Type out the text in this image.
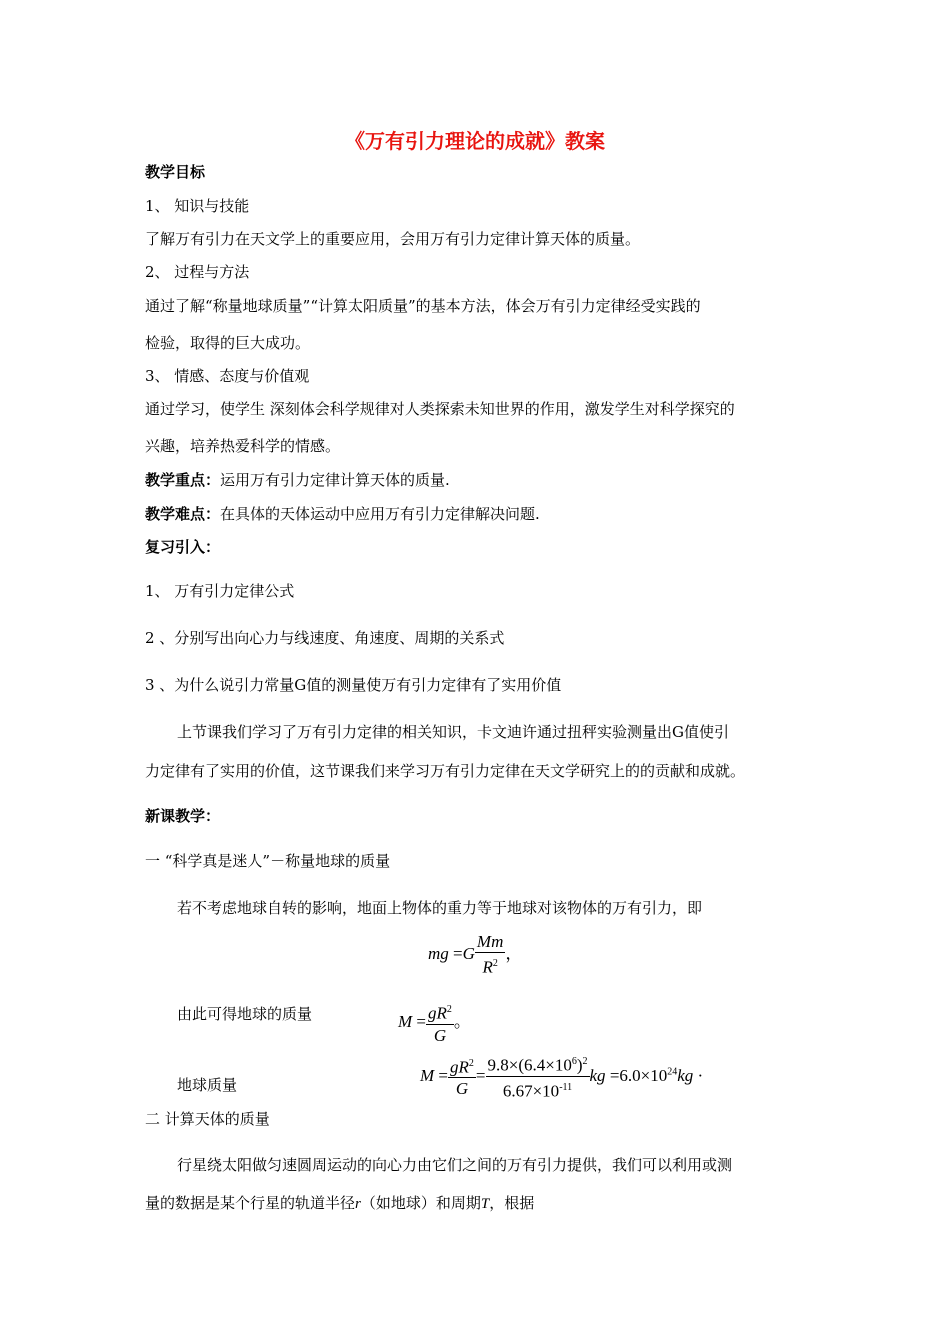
《万有引力理论的成就》教案
教学目标
1、 知识与技能
了解万有引力在天文学上的重要应用，会用万有引力定律计算天体的质量。
2、 过程与方法
通过了解“称量地球质量”“计算太阳质量”的基本方法，体会万有引力定律经受实践的
检验，取得的巨大成功。
3、 情感、态度与价值观
通过学习，使学生 深刻体会科学规律对人类探索未知世界的作用，激发学生对科学探究的
兴趣，培养热爱科学的情感。
教学重点：运用万有引力定律计算天体的质量.
教学难点：在具体的天体运动中应用万有引力定律解决问题.
复习引入：
1、 万有引力定律公式
2 、分别写出向心力与线速度、角速度、周期的关系式
3 、为什么说引力常量G值的测量使万有引力定律有了实用价值
上节课我们学习了万有引力定律的相关知识，卡文迪许通过扭秤实验测量出G值使引
力定律有了实用的价值，这节课我们来学习万有引力定律在天文学研究上的的贡献和成就。
新课教学：
一 “科学真是迷人”－称量地球的质量
若不考虑地球自转的影响，地面上物体的重力等于地球对该物体的万有引力，即
mg $=G \frac{Mm}{R^2}$ ，
由此可得地球的质量	$M = \frac{gR^2}{G}$ 。
地球质量	$M = \frac{gR^2}{G} = \frac{9.8\times(6.4\times 10^6)^2}{6.67\times 10^{-11}}$ kg $=6.0\times 10^{24}kg$ ·
二 计算天体的质量
行星绕太阳做匀速圆周运动的向心力由它们之间的万有引力提供，我们可以利用或测
量的数据是某个行星的轨道半径r（如地球）和周期T，根据
